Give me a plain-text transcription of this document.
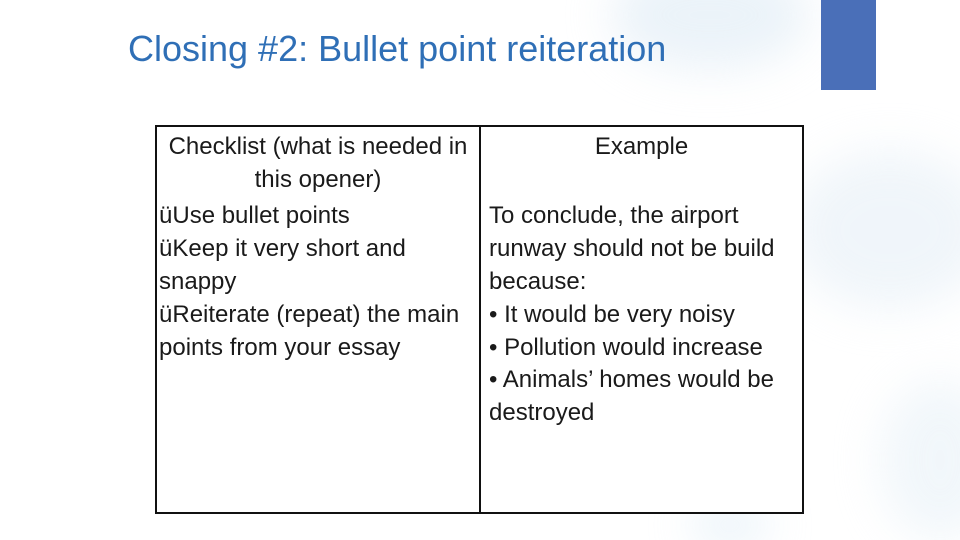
Closing #2: Bullet point reiteration
Checklist (what is needed in this opener)
Example
üUse bullet points
üKeep it very short and snappy
üReiterate (repeat) the main points from your essay
To conclude, the airport runway should not be build because:
• It would be very noisy
• Pollution would increase
• Animals’ homes would be destroyed
